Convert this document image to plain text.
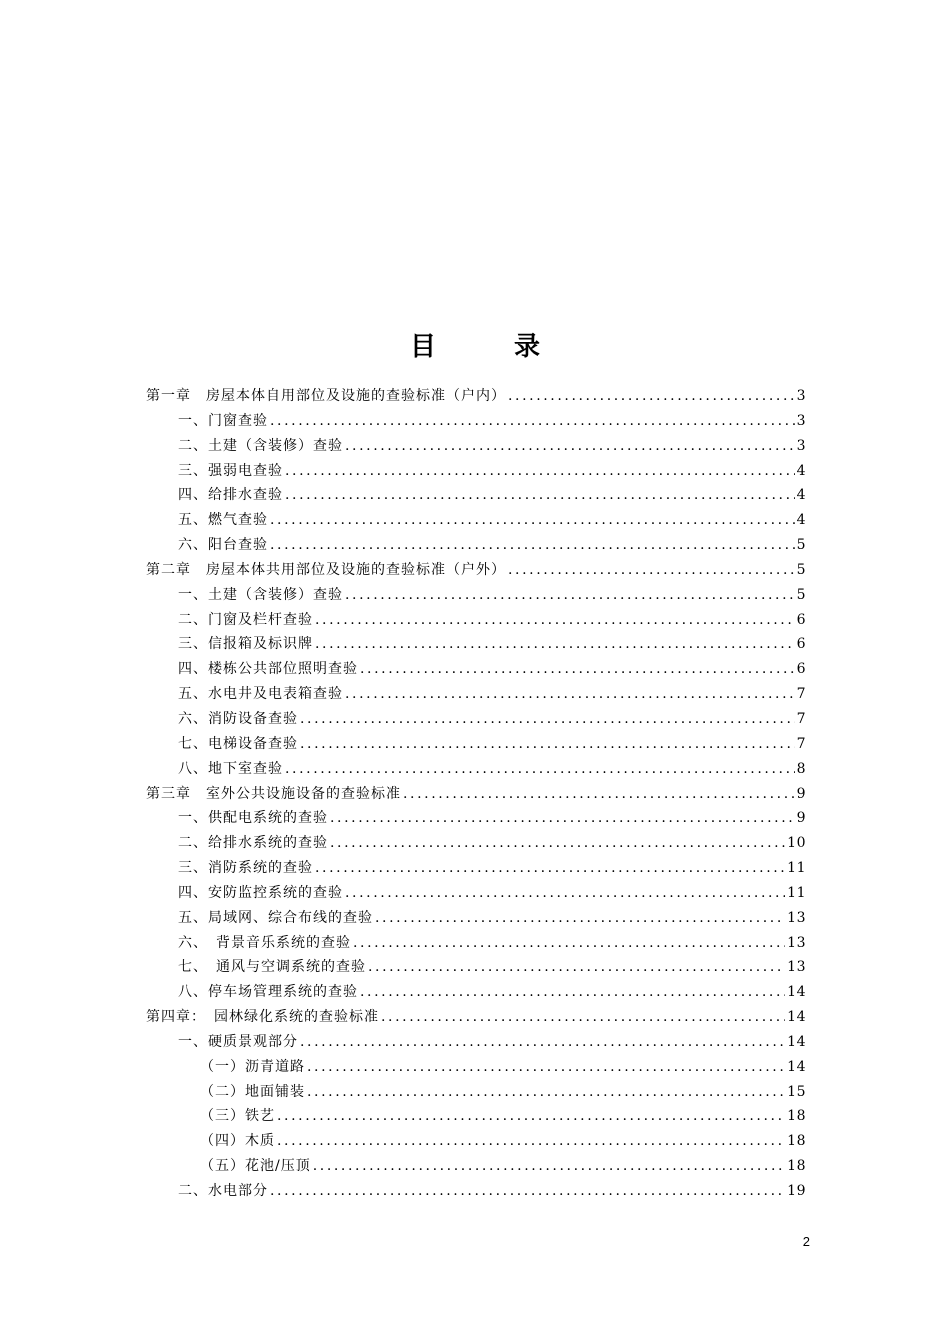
目　录
第一章　房屋本体自用部位及设施的查验标准（户内） .....	3
一、门窗查验 .....	3
二、土建（含装修）查验 .....	3
三、强弱电查验 .....	4
四、给排水查验 .....	4
五、燃气查验 .....	4
六、阳台查验 .....	5
第二章　房屋本体共用部位及设施的查验标准（户外） .....	5
一、土建（含装修）查验 .....	5
二、门窗及栏杆查验 .....	6
三、信报箱及标识牌 .....	6
四、楼栋公共部位照明查验 .....	6
五、水电井及电表箱查验 .....	7
六、消防设备查验 .....	7
七、电梯设备查验 .....	7
八、地下室查验 .....	8
第三章　室外公共设施设备的查验标准 .....	9
一、供配电系统的查验 .....	9
二、给排水系统的查验 .....	10
三、消防系统的查验 .....	11
四、安防监控系统的查验 .....	11
五、局域网、综合布线的查验 .....	13
六、　背景音乐系统的查验 .....	13
七、　通风与空调系统的查验 .....	13
八、停车场管理系统的查验 .....	14
第四章：　园林绿化系统的查验标准 .....	14
一、硬质景观部分 .....	14
（一）沥青道路 .....	14
（二）地面铺装 .....	15
（三）铁艺 .....	18
（四）木质 .....	18
（五）花池/压顶 .....	18
二、水电部分 .....	19
2
